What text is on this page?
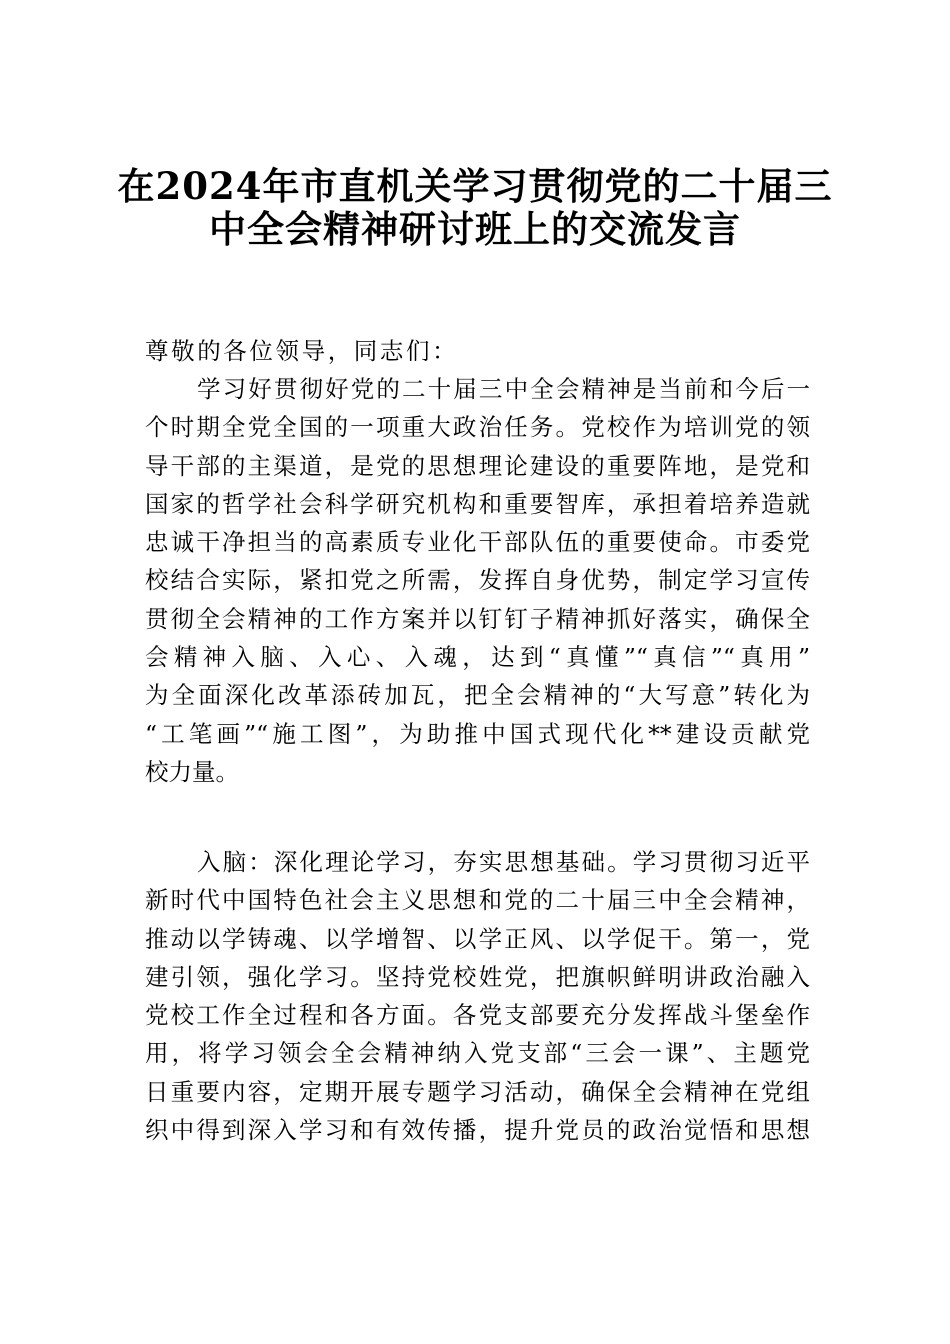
在2024年市直机关学习贯彻党的二十届三
中全会精神研讨班上的交流发言
尊敬的各位领导，同志们：
学习好贯彻好党的二十届三中全会精神是当前和今后一
个时期全党全国的一项重大政治任务。党校作为培训党的领
导干部的主渠道，是党的思想理论建设的重要阵地，是党和
国家的哲学社会科学研究机构和重要智库，承担着培养造就
忠诚干净担当的高素质专业化干部队伍的重要使命。市委党
校结合实际，紧扣党之所需，发挥自身优势，制定学习宣传
贯彻全会精神的工作方案并以钉钉子精神抓好落实，确保全
会精神入脑、入心、入魂，达到“真懂”“真信”“真用”
为全面深化改革添砖加瓦，把全会精神的“大写意”转化为
“工笔画”“施工图”，为助推中国式现代化**建设贡献党
校力量。
入脑：深化理论学习，夯实思想基础。学习贯彻习近平
新时代中国特色社会主义思想和党的二十届三中全会精神，
推动以学铸魂、以学增智、以学正风、以学促干。第一，党
建引领，强化学习。坚持党校姓党，把旗帜鲜明讲政治融入
党校工作全过程和各方面。各党支部要充分发挥战斗堡垒作
用，将学习领会全会精神纳入党支部“三会一课”、主题党
日重要内容，定期开展专题学习活动，确保全会精神在党组
织中得到深入学习和有效传播，提升党员的政治觉悟和思想
